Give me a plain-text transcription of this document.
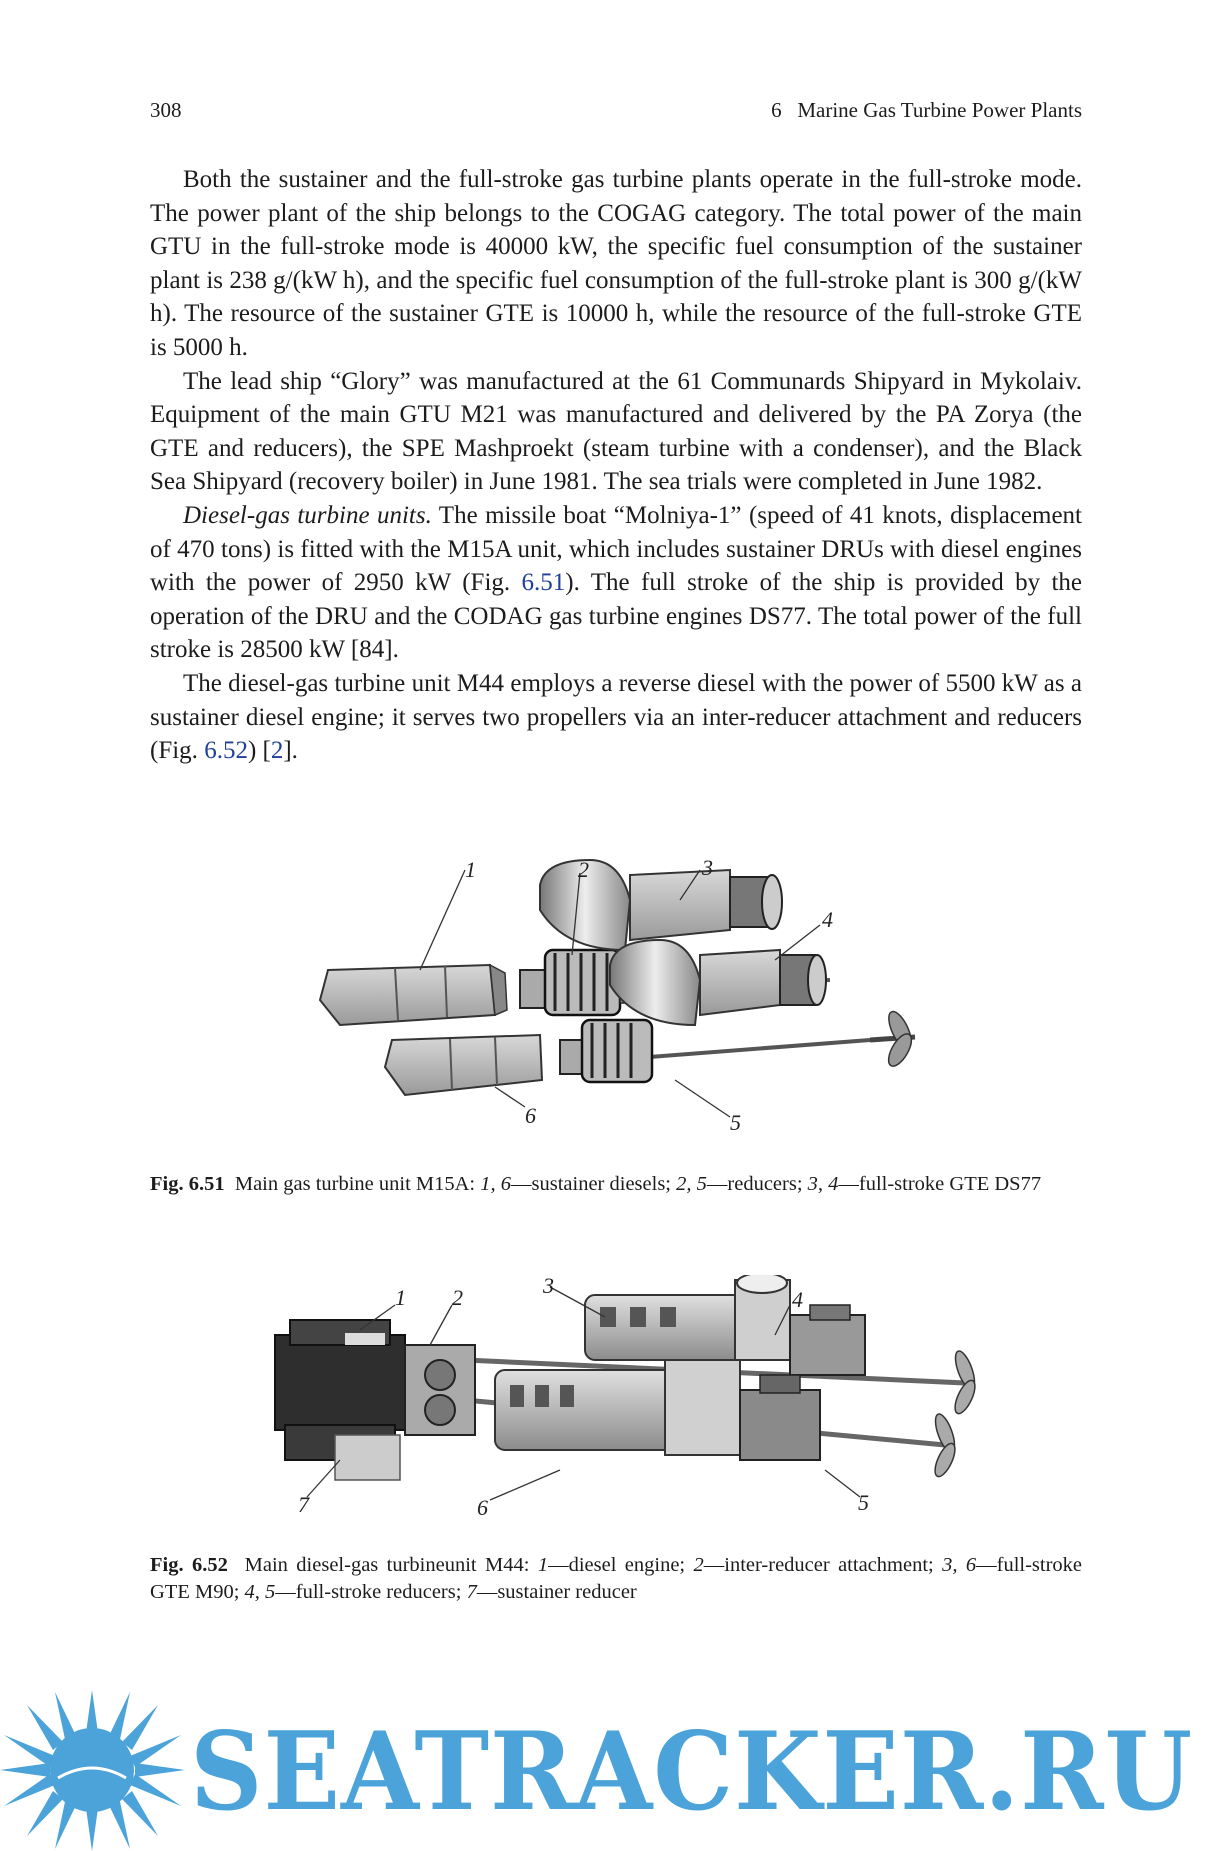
308	6   Marine Gas Turbine Power Plants

Both the sustainer and the full-stroke gas turbine plants operate in the full-stroke mode. The power plant of the ship belongs to the COGAG category. The total power of the main GTU in the full-stroke mode is 40000 kW, the specific fuel consumption of the sustainer plant is 238 g/(kW h), and the specific fuel consumption of the full-stroke plant is 300 g/(kW h). The resource of the sustainer GTE is 10000 h, while the resource of the full-stroke GTE is 5000 h.

The lead ship “Glory” was manufactured at the 61 Communards Shipyard in Mykolaiv. Equipment of the main GTU M21 was manufactured and delivered by the PA Zorya (the GTE and reducers), the SPE Mashproekt (steam turbine with a condenser), and the Black Sea Shipyard (recovery boiler) in June 1981. The sea trials were completed in June 1982.

Diesel-gas turbine units. The missile boat “Molniya-1” (speed of 41 knots, displacement of 470 tons) is fitted with the M15A unit, which includes sustainer DRUs with diesel engines with the power of 2950 kW (Fig. 6.51). The full stroke of the ship is provided by the operation of the DRU and the CODAG gas turbine engines DS77. The total power of the full stroke is 28500 kW [84].

The diesel-gas turbine unit M44 employs a reverse diesel with the power of 5500 kW as a sustainer diesel engine; it serves two propellers via an inter-reducer attachment and reducers (Fig. 6.52) [2].

1	2	3
4
5
6
Fig. 6.51 Main gas turbine unit M15A: 1, 6—sustainer diesels; 2, 5—reducers; 3, 4—full-stroke GTE DS77
1 2	3
4
5
6
7
Fig. 6.52 Main diesel-gas turbineunit M44: 1—diesel engine; 2—inter-reducer attachment; 3, 6—full-stroke GTE M90; 4, 5—full-stroke reducers; 7—sustainer reducer
SEATRACKER.RU
